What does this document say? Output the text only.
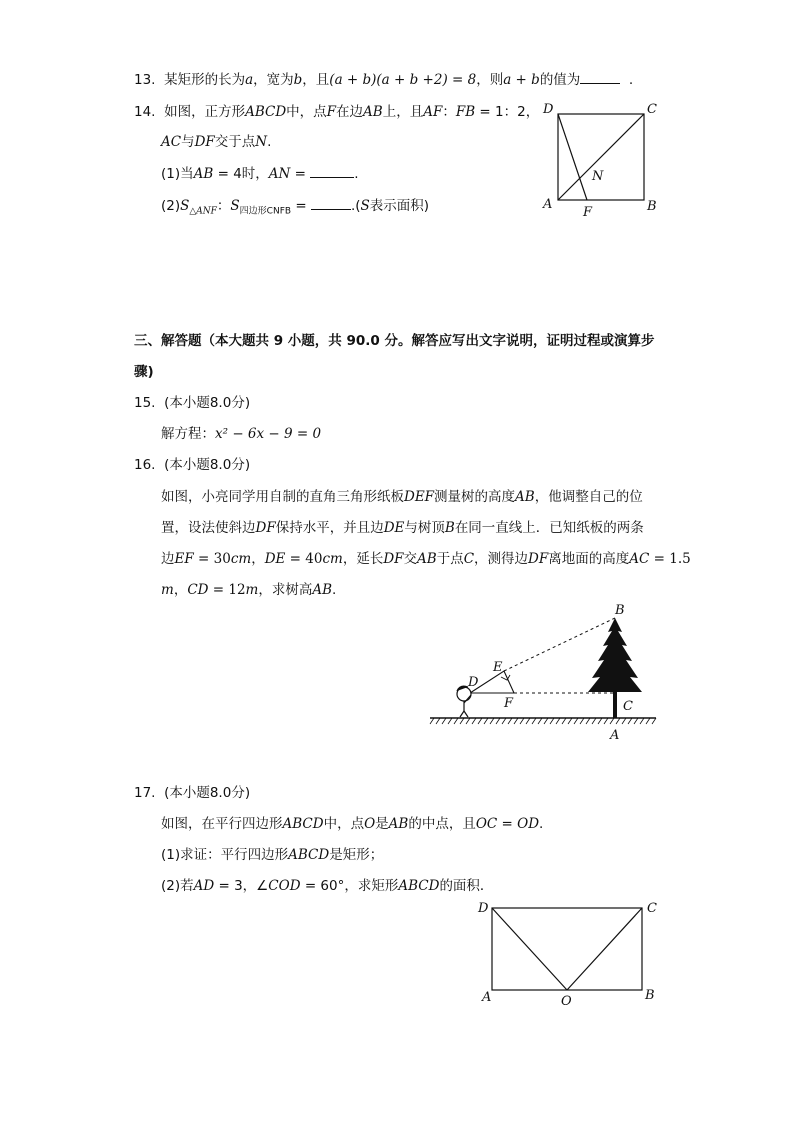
13. 某矩形的长为a，宽为b，且(a + b)(a + b +2) = 8，则a + b的值为	.
14. 如图，正方形ABCD中，点F在边AB上，且AF：FB = 1：2，
AC与DF交于点N.
(1)当AB = 4时，AN =	.
$(2)S_{\triangle ANF}$：$S_{四边形CNFB}$ =	.(S表示面积)
D	C
A	B
F
N
三、解答题（本大题共 9 小题，共 90.0 分。解答应写出文字说明，证明过程或演算步
骤)
15. (本小题8.0分)
解方程：x² − 6x − 9 = 0
16. (本小题8.0分)
如图，小亮同学用自制的直角三角形纸板DEF测量树的高度AB，他调整自己的位
置，设法使斜边DF保持水平，并且边DE与树顶B在同一直线上．已知纸板的两条
边EF = 30cm，DE = 40cm，延长DF交AB于点C，测得边DF离地面的高度AC = 1.5
m，CD = 12m，求树高AB.
D
E
F
B
C
A
17. (本小题8.0分)
如图，在平行四边形ABCD中，点O是AB的中点，且OC = OD.
(1)求证：平行四边形ABCD是矩形；
(2)若AD = 3，∠COD = 60°，求矩形ABCD的面积．
D	C
A	B
O
